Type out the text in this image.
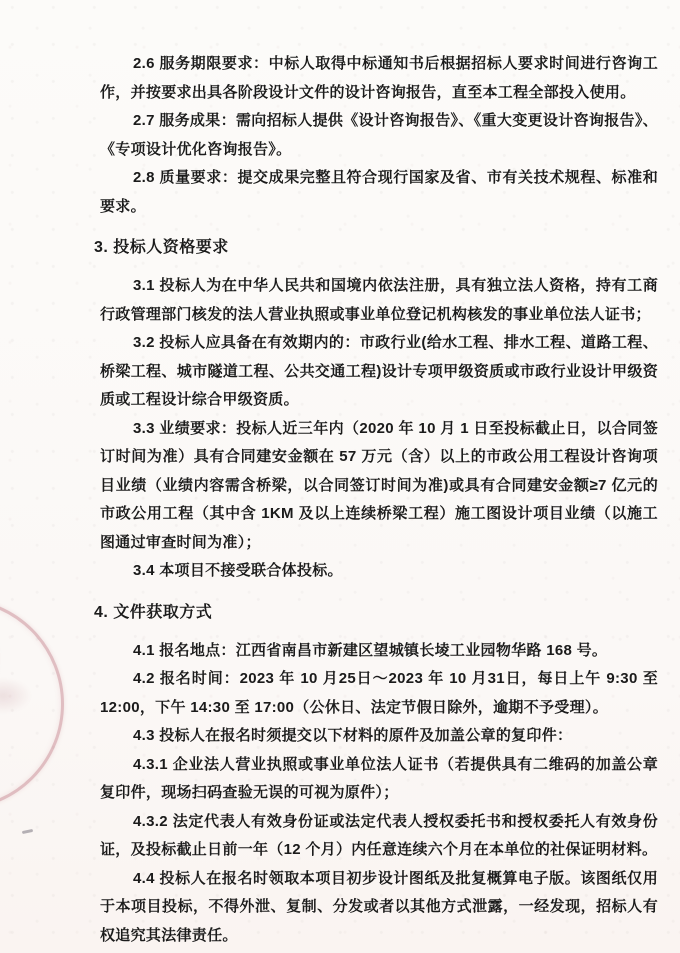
2.6 服务期限要求：中标人取得中标通知书后根据招标人要求时间进行咨询工作，并按要求出具各阶段设计文件的设计咨询报告，直至本工程全部投入使用。

2.7 服务成果：需向招标人提供《设计咨询报告》、《重大变更设计咨询报告》、《专项设计优化咨询报告》。

2.8 质量要求：提交成果完整且符合现行国家及省、市有关技术规程、标准和要求。

3. 投标人资格要求

3.1 投标人为在中华人民共和国境内依法注册，具有独立法人资格，持有工商行政管理部门核发的法人营业执照或事业单位登记机构核发的事业单位法人证书；

3.2 投标人应具备在有效期内的：市政行业(给水工程、排水工程、道路工程、桥梁工程、城市隧道工程、公共交通工程)设计专项甲级资质或市政行业设计甲级资质或工程设计综合甲级资质。

3.3 业绩要求：投标人近三年内（2020 年 10 月 1 日至投标截止日，以合同签订时间为准）具有合同建安金额在 57 万元（含）以上的市政公用工程设计咨询项目业绩（业绩内容需含桥梁，以合同签订时间为准)或具有合同建安金额≥7 亿元的市政公用工程（其中含 1KM 及以上连续桥梁工程）施工图设计项目业绩（以施工图通过审查时间为准）；

3.4 本项目不接受联合体投标。

4. 文件获取方式

4.1 报名地点：江西省南昌市新建区望城镇长堎工业园物华路 168 号。

4.2 报名时间：2023 年 10 月25日～2023 年 10 月31日，每日上午 9:30 至 12:00，下午 14:30 至 17:00（公休日、法定节假日除外，逾期不予受理）。

4.3 投标人在报名时须提交以下材料的原件及加盖公章的复印件：

4.3.1 企业法人营业执照或事业单位法人证书（若提供具有二维码的加盖公章复印件，现场扫码查验无误的可视为原件）；

4.3.2 法定代表人有效身份证或法定代表人授权委托书和授权委托人有效身份证，及投标截止日前一年（12 个月）内任意连续六个月在本单位的社保证明材料。

4.4 投标人在报名时领取本项目初步设计图纸及批复概算电子版。该图纸仅用于本项目投标，不得外泄、复制、分发或者以其他方式泄露，一经发现，招标人有权追究其法律责任。
